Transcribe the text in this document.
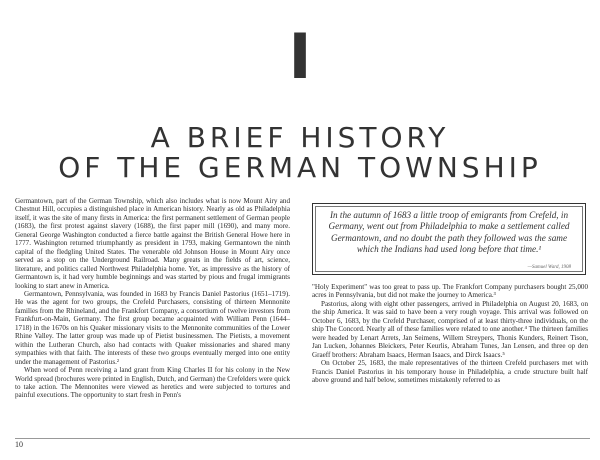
I
A BRIEF HISTORY
OF THE GERMAN TOWNSHIP

Germantown, part of the German Township, which also includes what is now Mount Airy and Chestnut Hill, occupies a distinguished place in American history. Nearly as old as Philadelphia itself, it was the site of many firsts in America: the first permanent settlement of German people (1683), the first protest against slavery (1688), the first paper mill (1690), and many more. General George Washington conducted a fierce battle against the British General Howe here in 1777. Washington returned triumphantly as president in 1793, making Germantown the ninth capital of the fledgling United States. The venerable old Johnson House in Mount Airy once served as a stop on the Underground Railroad. Many greats in the fields of art, science, literature, and politics called Northwest Philadelphia home. Yet, as impressive as the history of Germantown is, it had very humble beginnings and was started by pious and frugal immigrants looking to start anew in America.

Germantown, Pennsylvania, was founded in 1683 by Francis Daniel Pastorius (1651–1719). He was the agent for two groups, the Crefeld Purchasers, consisting of thirteen Mennonite families from the Rhineland, and the Frankfort Company, a consortium of twelve investors from Frankfurt-on-Main, Germany. The first group became acquainted with William Penn (1644–1718) in the 1670s on his Quaker missionary visits to the Mennonite communities of the Lower Rhine Valley. The latter group was made up of Pietist businessmen. The Pietists, a movement within the Lutheran Church, also had contacts with Quaker missionaries and shared many sympathies with that faith. The interests of these two groups eventually merged into one entity under the management of Pastorius.²

When word of Penn receiving a land grant from King Charles II for his colony in the New World spread (brochures were printed in English, Dutch, and German) the Crefelders were quick to take action. The Mennonites were viewed as heretics and were subjected to tortures and painful executions. The opportunity to start fresh in Penn's

In the autumn of 1683 a little troop of emigrants from Crefeld, in Germany, went out from Philadelphia to make a settlement called Germantown, and no doubt the path they followed was the same which the Indians had used long before that time.¹
—Samuel Ward, 1908

"Holy Experiment" was too great to pass up. The Frankfort Company purchasers bought 25,000 acres in Pennsylvania, but did not make the journey to America.³

Pastorius, along with eight other passengers, arrived in Philadelphia on August 20, 1683, on the ship America. It was said to have been a very rough voyage. This arrival was followed on October 6, 1683, by the Crefeld Purchaser, comprised of at least thirty-three individuals, on the ship The Concord. Nearly all of these families were related to one another.⁴ The thirteen families were headed by Lenart Arrets, Jan Seimens, Willem Streypers, Thonis Kunders, Reinert Tison, Jan Lucken, Johannes Bleickers, Peter Keurlis, Abraham Tunes, Jan Lensen, and three op den Graeff brothers: Abraham Isaacs, Herman Isaacs, and Dirck Isaacs.⁵

On October 25, 1683, the male representatives of the thirteen Crefeld purchasers met with Francis Daniel Pastorius in his temporary house in Philadelphia, a crude structure built half above ground and half below, sometimes mistakenly referred to as

10
